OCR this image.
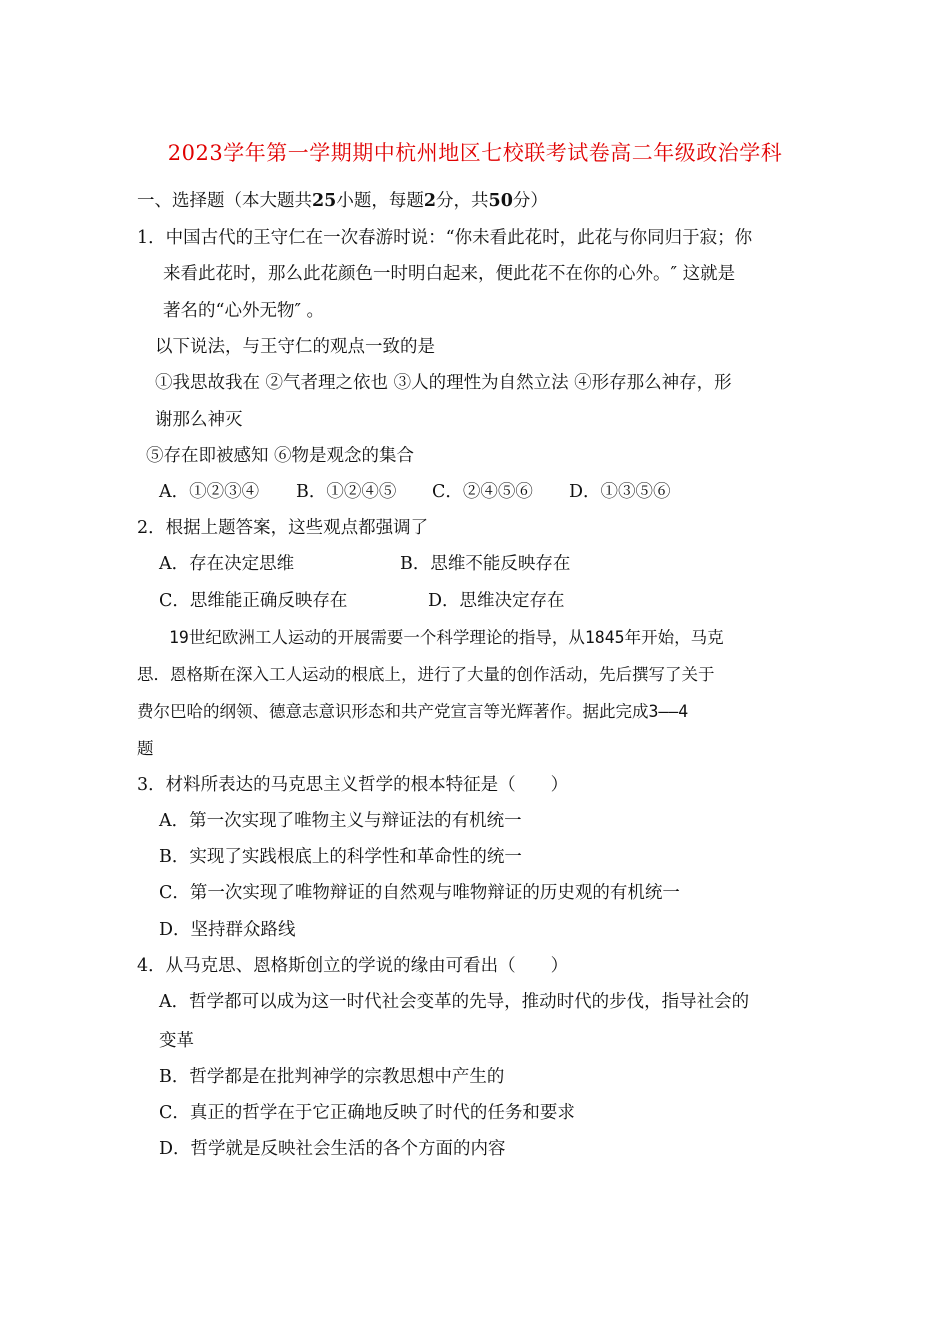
2023学年第一学期期中杭州地区七校联考试卷高二年级政治学科
一、选择题（本大题共25小题，每题2分，共50分）
1．中国古代的王守仁在一次春游时说：“你未看此花时，此花与你同归于寂；你
来看此花时，那么此花颜色一时明白起来，便此花不在你的心外。″ 这就是
著名的“心外无物″ 。
以下说法，与王守仁的观点一致的是
①我思故我在 ②气者理之依也 ③人的理性为自然立法 ④形存那么神存，形
谢那么神灭
⑤存在即被感知 ⑥物是观念的集合
A．①②③④ B．①②④⑤ C．②④⑤⑥ D．①③⑤⑥
2．根据上题答案，这些观点都强调了
A．存在决定思维	B．思维不能反映存在
C．思维能正确反映存在	D．思维决定存在
19世纪欧洲工人运动的开展需要一个科学理论的指导，从1845年开始，马克
思．恩格斯在深入工人运动的根底上，进行了大量的创作活动，先后撰写了关于
费尔巴哈的纲领、德意志意识形态和共产党宣言等光辉著作。据此完成3——4
题
3．材料所表达的马克思主义哲学的根本特征是（　　）
A．第一次实现了唯物主义与辩证法的有机统一
B．实现了实践根底上的科学性和革命性的统一
C．第一次实现了唯物辩证的自然观与唯物辩证的历史观的有机统一
D．坚持群众路线
4．从马克思、恩格斯创立的学说的缘由可看出（　　）
A．哲学都可以成为这一时代社会变革的先导，推动时代的步伐，指导社会的
变革
B．哲学都是在批判神学的宗教思想中产生的
C．真正的哲学在于它正确地反映了时代的任务和要求
D．哲学就是反映社会生活的各个方面的内容
